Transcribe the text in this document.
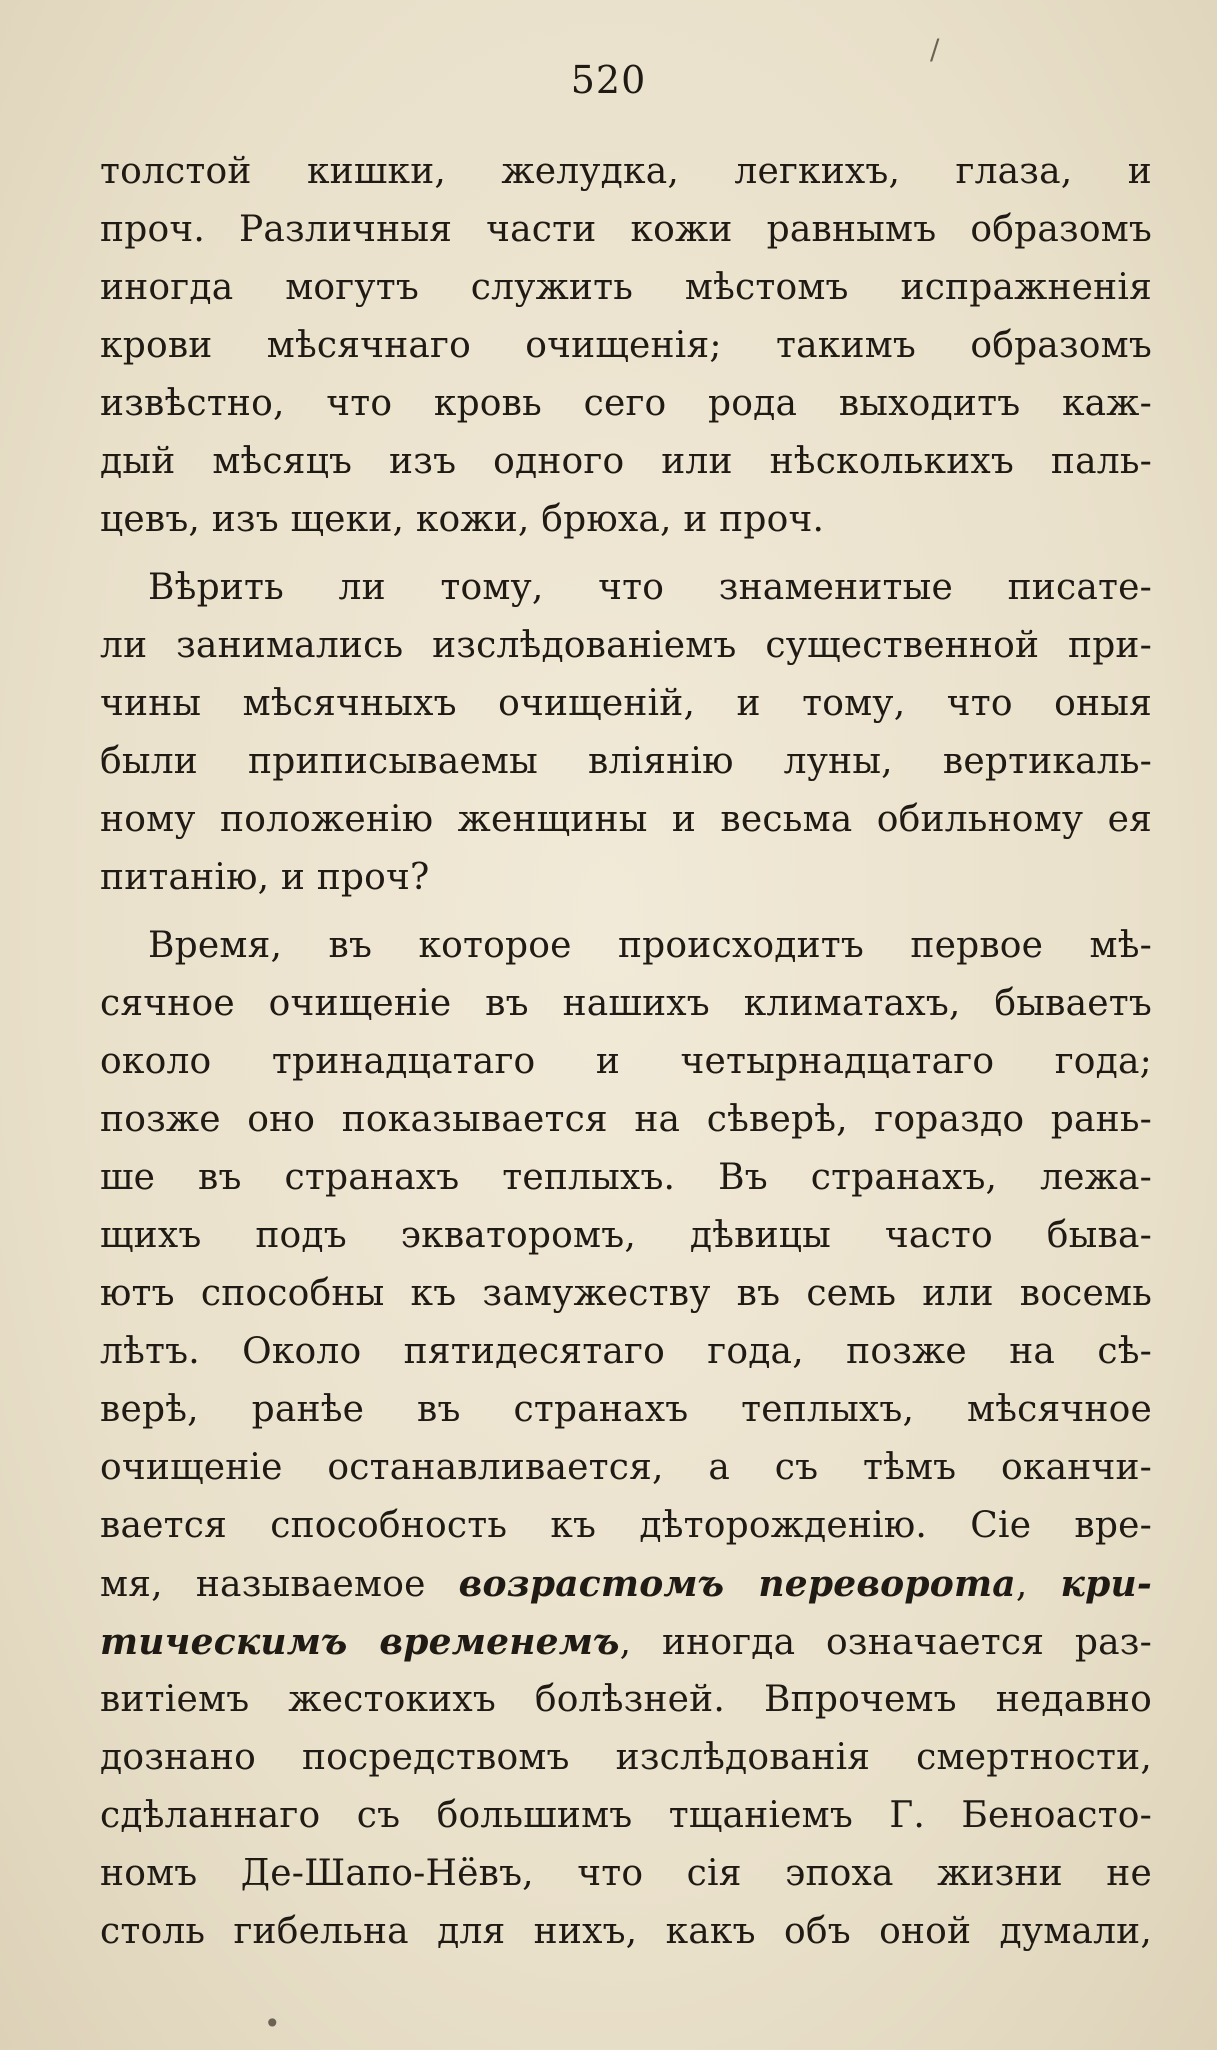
520
/
толстой кишки, желудка, легкихъ, глаза, и
проч. Различныя части кожи равнымъ образомъ
иногда могутъ служить мѣстомъ испражненія
крови мѣсячнаго очищенія; такимъ образомъ
извѣстно, что кровь сего рода выходитъ каж-
дый мѣсяцъ изъ одного или нѣсколькихъ паль-
цевъ, изъ щеки, кожи, брюха, и проч.
Вѣрить ли тому, что знаменитые писате-
ли занимались изслѣдованіемъ существенной при-
чины мѣсячныхъ очищеній, и тому, что оныя
были приписываемы вліянію луны, вертикаль-
ному положенію женщины и весьма обильному ея
питанію, и проч?
Время, въ которое происходитъ первое мѣ-
сячное очищеніе въ нашихъ климатахъ, бываетъ
около тринадцатаго и четырнадцатаго года;
позже оно показывается на сѣверѣ, гораздо рань-
ше въ странахъ теплыхъ. Въ странахъ, лежа-
щихъ подъ экваторомъ, дѣвицы часто быва-
ютъ способны къ замужеству въ семь или восемь
лѣтъ. Около пятидесятаго года, позже на сѣ-
верѣ, ранѣе въ странахъ теплыхъ, мѣсячное
очищеніе останавливается, а съ тѣмъ оканчи-
вается способность къ дѣторожденію. Сіе вре-
мя, называемое возрастомъ переворота, кри-
тическимъ временемъ, иногда означается раз-
витіемъ жестокихъ болѣзней. Впрочемъ недавно
дознано посредствомъ изслѣдованія смертности,
сдѣланнаго съ большимъ тщаніемъ Г. Беноастo-
номъ Де-Шапо-Нёвъ, что сія эпоха жизни не
столь гибельна для нихъ, какъ объ оной думали,
•
